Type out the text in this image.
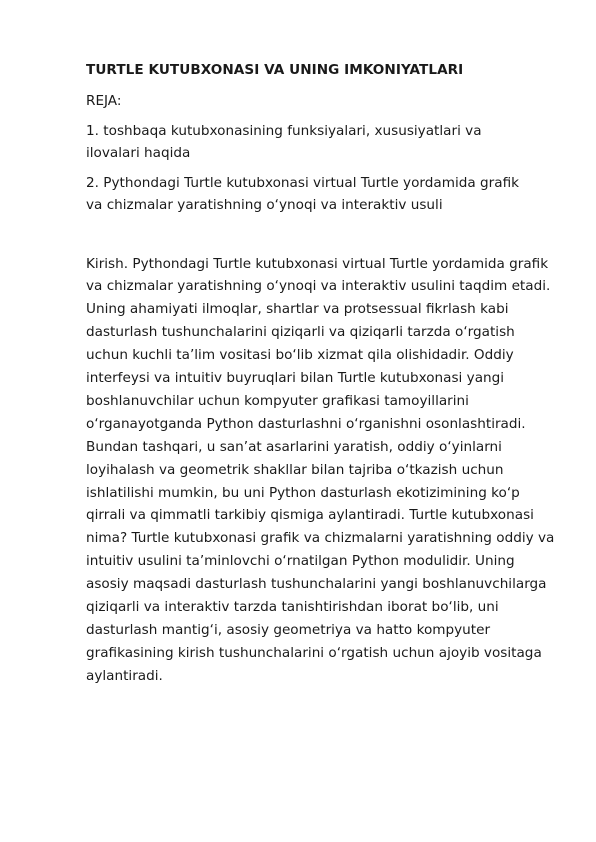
TURTLE KUTUBXONASI VA UNING IMKONIYATLARI
REJA:
1. toshbaqa kutubxonasining funksiyalari, xususiyatlari va ilovalari haqida
2. Pythondagi Turtle kutubxonasi virtual Turtle yordamida grafik va chizmalar yaratishning o‘ynoqi va interaktiv usuli
Kirish. Pythondagi Turtle kutubxonasi virtual Turtle yordamida grafik va chizmalar yaratishning o‘ynoqi va interaktiv usulini taqdim etadi. Uning ahamiyati ilmoqlar, shartlar va protsessual fikrlash kabi dasturlash tushunchalarini qiziqarli va qiziqarli tarzda o‘rgatish uchun kuchli ta’lim vositasi bo‘lib xizmat qila olishidadir. Oddiy interfeysi va intuitiv buyruqlari bilan Turtle kutubxonasi yangi boshlanuvchilar uchun kompyuter grafikasi tamoyillarini o‘rganayotganda Python dasturlashni o‘rganishni osonlashtiradi. Bundan tashqari, u san’at asarlarini yaratish, oddiy o‘yinlarni loyihalash va geometrik shakllar bilan tajriba o‘tkazish uchun ishlatilishi mumkin, bu uni Python dasturlash ekotizimining ko‘p qirrali va qimmatli tarkibiy qismiga aylantiradi. Turtle kutubxonasi nima? Turtle kutubxonasi grafik va chizmalarni yaratishning oddiy va intuitiv usulini ta’minlovchi o‘rnatilgan Python modulidir. Uning asosiy maqsadi dasturlash tushunchalarini yangi boshlanuvchilarga qiziqarli va interaktiv tarzda tanishtirishdan iborat bo‘lib, uni dasturlash mantig‘i, asosiy geometriya va hatto kompyuter grafikasining kirish tushunchalarini o‘rgatish uchun ajoyib vositaga aylantiradi.
